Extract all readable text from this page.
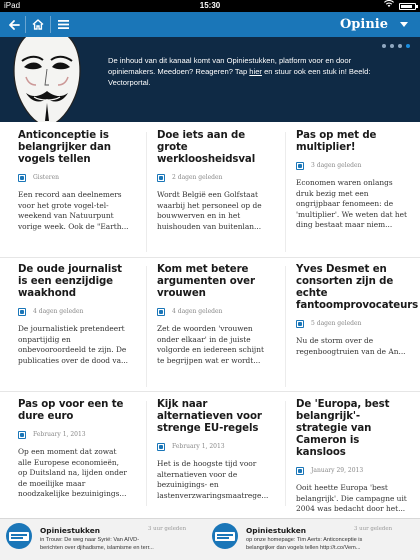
iPad	15:30
Opinie
De inhoud van dit kanaal komt van Opiniestukken, platform voor en door opiniemakers. Meedoen? Reageren? Tap hier en stuur ook een stuk in! Beeld: Vectorportal.
Anticonceptie is belangrijker dan vogels tellen
Gisteren

Een record aan deelnemers voor het grote vogel-tel-weekend van Natuurpunt vorige week. Ook de "Earth...

Doe iets aan de grote werkloosheidsval
2 dagen geleden

Wordt België een Golfstaat waarbij het personeel op de bouwwerven en in het huishouden van buitenlan...

Pas op met de multiplier!
3 dagen geleden

Economen waren onlangs druk bezig met een ongrijpbaar fenomeen: de 'multiplier'. We weten dat het ding bestaat maar niem...

De oude journalist is een eenzijdige waakhond
4 dagen geleden

De journalistiek pretendeert onpartijdig en onbevooroordeeld te zijn. De publicaties over de dood va...

Kom met betere argumenten over vrouwen
4 dagen geleden

Zet de woorden 'vrouwen onder elkaar' in de juiste volgorde en iedereen schijnt te begrijpen wat er wordt...

Yves Desmet en consorten zijn de echte fantoomprovocateurs
5 dagen geleden

Nu de storm over de regenboogtruien van de An...

Pas op voor een te dure euro
February 1, 2013

Op een moment dat zowat alle Europese economieën, op Duitsland na, lijden onder de moeilijke maar noodzakelijke bezuinigings...

Kijk naar alternatieven voor strenge EU-regels
February 1, 2013

Het is de hoogste tijd voor alternatieven voor de bezuinigings- en lastenverzwaringsmaatrege...

De 'Europa, best belangrijk'-strategie van Cameron is kansloos
January 29, 2013

Ooit heette Europa 'best belangrijk'. Die campagne uit 2004 was bedacht door het...

Opiniestukken	3 uur geleden
in Trouw: De weg naar Syrië: Van AIVD-
berichten over djihadisme, islamisme en terr...
Opiniestukken	3 uur geleden
op onze homepage: Tim Aerts: Anticonceptie is
belangrijker dan vogels tellen http://t.co/Vem...
